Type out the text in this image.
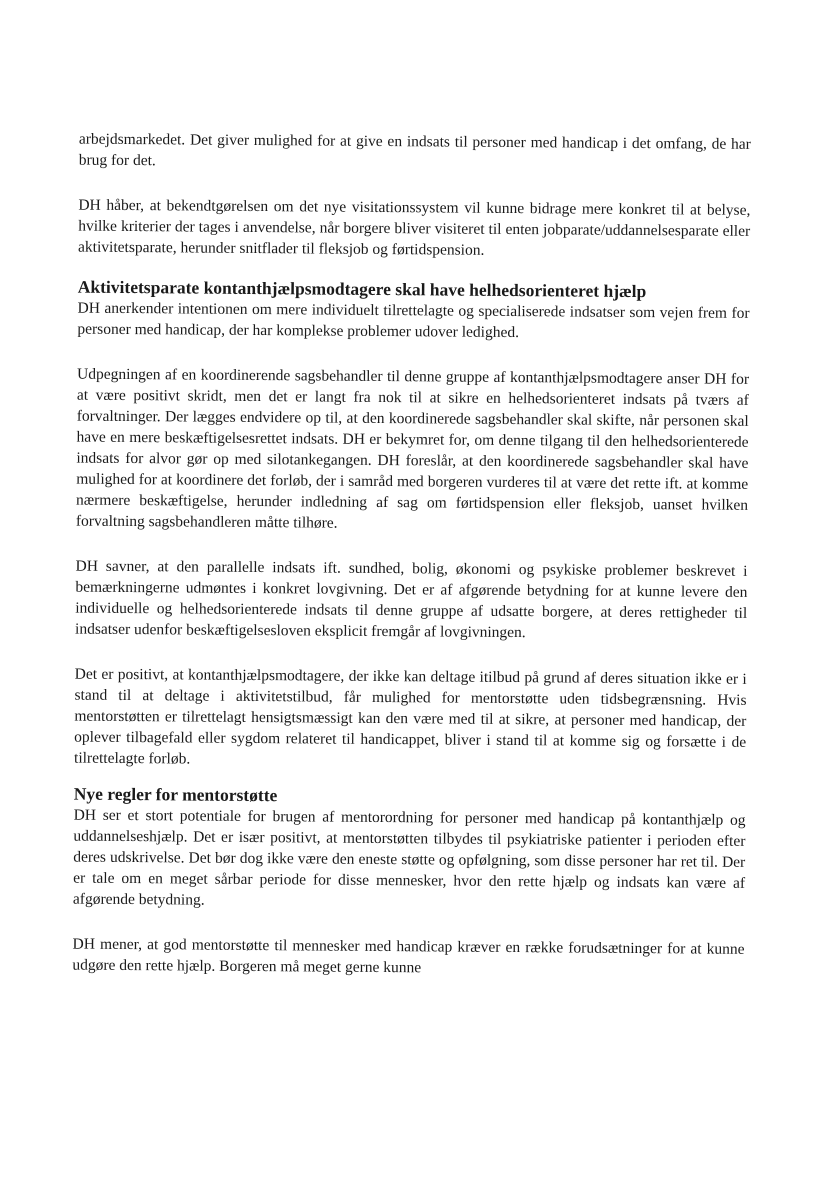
arbejdsmarkedet. Det giver mulighed for at give en indsats til personer med handicap i det omfang, de har brug for det.

DH håber, at bekendtgørelsen om det nye visitationssystem vil kunne bidrage mere konkret til at belyse, hvilke kriterier der tages i anvendelse, når borgere bliver visiteret til enten jobparate/uddannelsesparate eller aktivitetsparate, herunder snitflader til fleksjob og førtidspension.

Aktivitetsparate kontanthjælpsmodtagere skal have helhedsorienteret hjælp

DH anerkender intentionen om mere individuelt tilrettelagte og specialiserede indsatser som vejen frem for personer med handicap, der har komplekse problemer udover ledighed.

Udpegningen af en koordinerende sagsbehandler til denne gruppe af kontanthjælpsmodtagere anser DH for at være positivt skridt, men det er langt fra nok til at sikre en helhedsorienteret indsats på tværs af forvaltninger. Der lægges endvidere op til, at den koordinerede sagsbehandler skal skifte, når personen skal have en mere beskæftigelsesrettet indsats. DH er bekymret for, om denne tilgang til den helhedsorienterede indsats for alvor gør op med silotankegangen. DH foreslår, at den koordinerede sagsbehandler skal have mulighed for at koordinere det forløb, der i samråd med borgeren vurderes til at være det rette ift. at komme nærmere beskæftigelse, herunder indledning af sag om førtidspension eller fleksjob, uanset hvilken forvaltning sagsbehandleren måtte tilhøre.

DH savner, at den parallelle indsats ift. sundhed, bolig, økonomi og psykiske problemer beskrevet i bemærkningerne udmøntes i konkret lovgivning. Det er af afgørende betydning for at kunne levere den individuelle og helhedsorienterede indsats til denne gruppe af udsatte borgere, at deres rettigheder til indsatser udenfor beskæftigelsesloven eksplicit fremgår af lovgivningen.

Det er positivt, at kontanthjælpsmodtagere, der ikke kan deltage itilbud på grund af deres situation ikke er i stand til at deltage i aktivitetstilbud, får mulighed for mentorstøtte uden tidsbegrænsning. Hvis mentorstøtten er tilrettelagt hensigtsmæssigt kan den være med til at sikre, at personer med handicap, der oplever tilbagefald eller sygdom relateret til handicappet, bliver i stand til at komme sig og forsætte i de tilrettelagte forløb.

Nye regler for mentorstøtte

DH ser et stort potentiale for brugen af mentorordning for personer med handicap på kontanthjælp og uddannelseshjælp. Det er især positivt, at mentorstøtten tilbydes til psykiatriske patienter i perioden efter deres udskrivelse. Det bør dog ikke være den eneste støtte og opfølgning, som disse personer har ret til. Der er tale om en meget sårbar periode for disse mennesker, hvor den rette hjælp og indsats kan være af afgørende betydning.

DH mener, at god mentorstøtte til mennesker med handicap kræver en række forudsætninger for at kunne udgøre den rette hjælp. Borgeren må meget gerne kunne
